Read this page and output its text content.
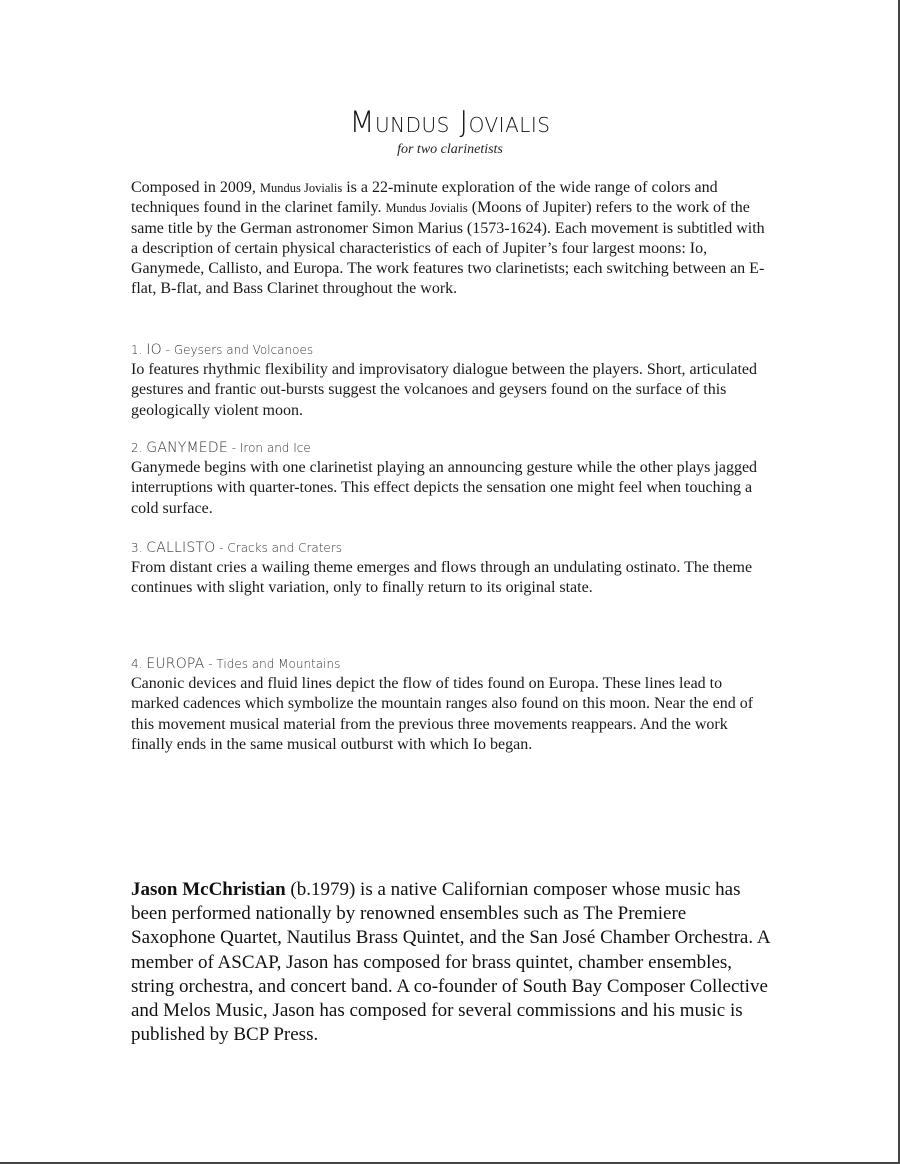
Mundus Jovialis
for two clarinetists

Composed in 2009, Mundus Jovialis is a 22-minute exploration of the wide range of colors and techniques found in the clarinet family. Mundus Jovialis (Moons of Jupiter) refers to the work of the same title by the German astronomer Simon Marius (1573-1624). Each movement is subtitled with a description of certain physical characteristics of each of Jupiter’s four largest moons: Io, Ganymede, Callisto, and Europa. The work features two clarinetists; each switching between an E-flat, B-flat, and Bass Clarinet throughout the work.

1. IO - Geysers and Volcanoes

Io features rhythmic flexibility and improvisatory dialogue between the players. Short, articulated gestures and frantic out-bursts suggest the volcanoes and geysers found on the surface of this geologically violent moon.

2. GANYMEDE - Iron and Ice

Ganymede begins with one clarinetist playing an announcing gesture while the other plays jagged interruptions with quarter-tones. This effect depicts the sensation one might feel when touching a cold surface.

3. CALLISTO - Cracks and Craters

From distant cries a wailing theme emerges and flows through an undulating ostinato. The theme continues with slight variation, only to finally return to its original state.

4. EUROPA - Tides and Mountains

Canonic devices and fluid lines depict the flow of tides found on Europa. These lines lead to marked cadences which symbolize the mountain ranges also found on this moon. Near the end of this movement musical material from the previous three movements reappears. And the work finally ends in the same musical outburst with which Io began.

Jason McChristian (b.1979) is a native Californian composer whose music has been performed nationally by renowned ensembles such as The Premiere Saxophone Quartet, Nautilus Brass Quintet, and the San José Chamber Orchestra. A member of ASCAP, Jason has composed for brass quintet, chamber ensembles, string orchestra, and concert band. A co-founder of South Bay Composer Collective and Melos Music, Jason has composed for several commissions and his music is published by BCP Press.
